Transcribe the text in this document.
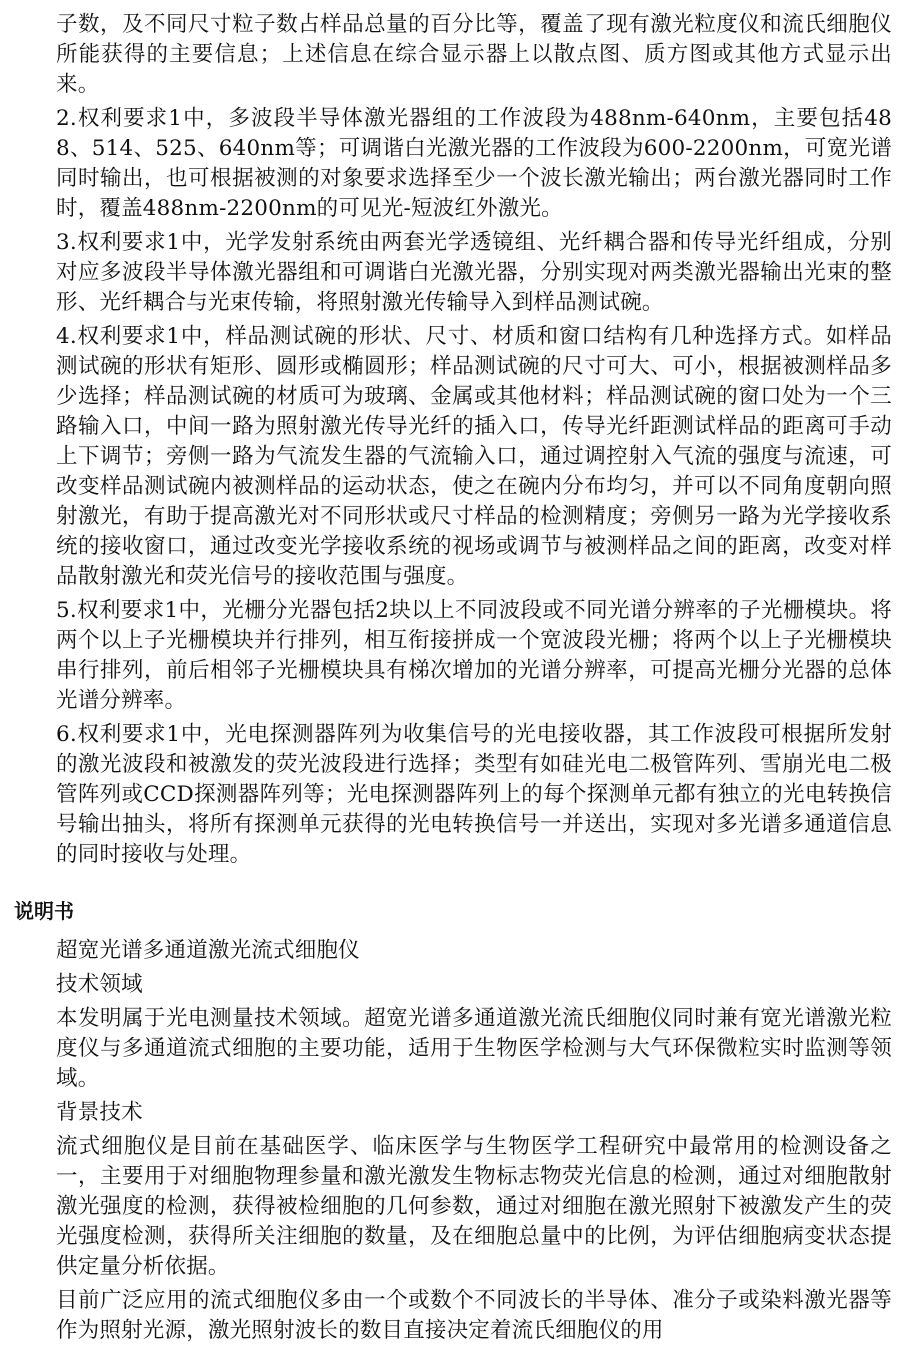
子数，及不同尺寸粒子数占样品总量的百分比等，覆盖了现有激光粒度仪和流氏细胞仪所能获得的主要信息；上述信息在综合显示器上以散点图、质方图或其他方式显示出来。

2.权利要求1中，多波段半导体激光器组的工作波段为488nm-640nm，主要包括488、514、525、640nm等；可调谐白光激光器的工作波段为600-2200nm，可宽光谱同时输出，也可根据被测的对象要求选择至少一个波长激光输出；两台激光器同时工作时，覆盖488nm-2200nm的可见光-短波红外激光。

3.权利要求1中，光学发射系统由两套光学透镜组、光纤耦合器和传导光纤组成，分别对应多波段半导体激光器组和可调谐白光激光器，分别实现对两类激光器输出光束的整形、光纤耦合与光束传输，将照射激光传输导入到样品测试碗。

4.权利要求1中，样品测试碗的形状、尺寸、材质和窗口结构有几种选择方式。如样品测试碗的形状有矩形、圆形或椭圆形；样品测试碗的尺寸可大、可小，根据被测样品多少选择；样品测试碗的材质可为玻璃、金属或其他材料；样品测试碗的窗口处为一个三路输入口，中间一路为照射激光传导光纤的插入口，传导光纤距测试样品的距离可手动上下调节；旁侧一路为气流发生器的气流输入口，通过调控射入气流的强度与流速，可改变样品测试碗内被测样品的运动状态，使之在碗内分布均匀，并可以不同角度朝向照射激光，有助于提高激光对不同形状或尺寸样品的检测精度；旁侧另一路为光学接收系统的接收窗口，通过改变光学接收系统的视场或调节与被测样品之间的距离，改变对样品散射激光和荧光信号的接收范围与强度。

5.权利要求1中，光栅分光器包括2块以上不同波段或不同光谱分辨率的子光栅模块。将两个以上子光栅模块并行排列，相互衔接拼成一个宽波段光栅；将两个以上子光栅模块串行排列，前后相邻子光栅模块具有梯次增加的光谱分辨率，可提高光栅分光器的总体光谱分辨率。

6.权利要求1中，光电探测器阵列为收集信号的光电接收器，其工作波段可根据所发射的激光波段和被激发的荧光波段进行选择；类型有如硅光电二极管阵列、雪崩光电二极管阵列或CCD探测器阵列等；光电探测器阵列上的每个探测单元都有独立的光电转换信号输出抽头，将所有探测单元获得的光电转换信号一并送出，实现对多光谱多通道信息的同时接收与处理。

说明书

超宽光谱多通道激光流式细胞仪

技术领域

本发明属于光电测量技术领域。超宽光谱多通道激光流氏细胞仪同时兼有宽光谱激光粒度仪与多通道流式细胞的主要功能，适用于生物医学检测与大气环保微粒实时监测等领域。

背景技术

流式细胞仪是目前在基础医学、临床医学与生物医学工程研究中最常用的检测设备之一，主要用于对细胞物理参量和激光激发生物标志物荧光信息的检测，通过对细胞散射激光强度的检测，获得被检细胞的几何参数，通过对细胞在激光照射下被激发产生的荧光强度检测，获得所关注细胞的数量，及在细胞总量中的比例，为评估细胞病变状态提供定量分析依据。

目前广泛应用的流式细胞仪多由一个或数个不同波长的半导体、准分子或染料激光器等作为照射光源，激光照射波长的数目直接决定着流氏细胞仪的用
